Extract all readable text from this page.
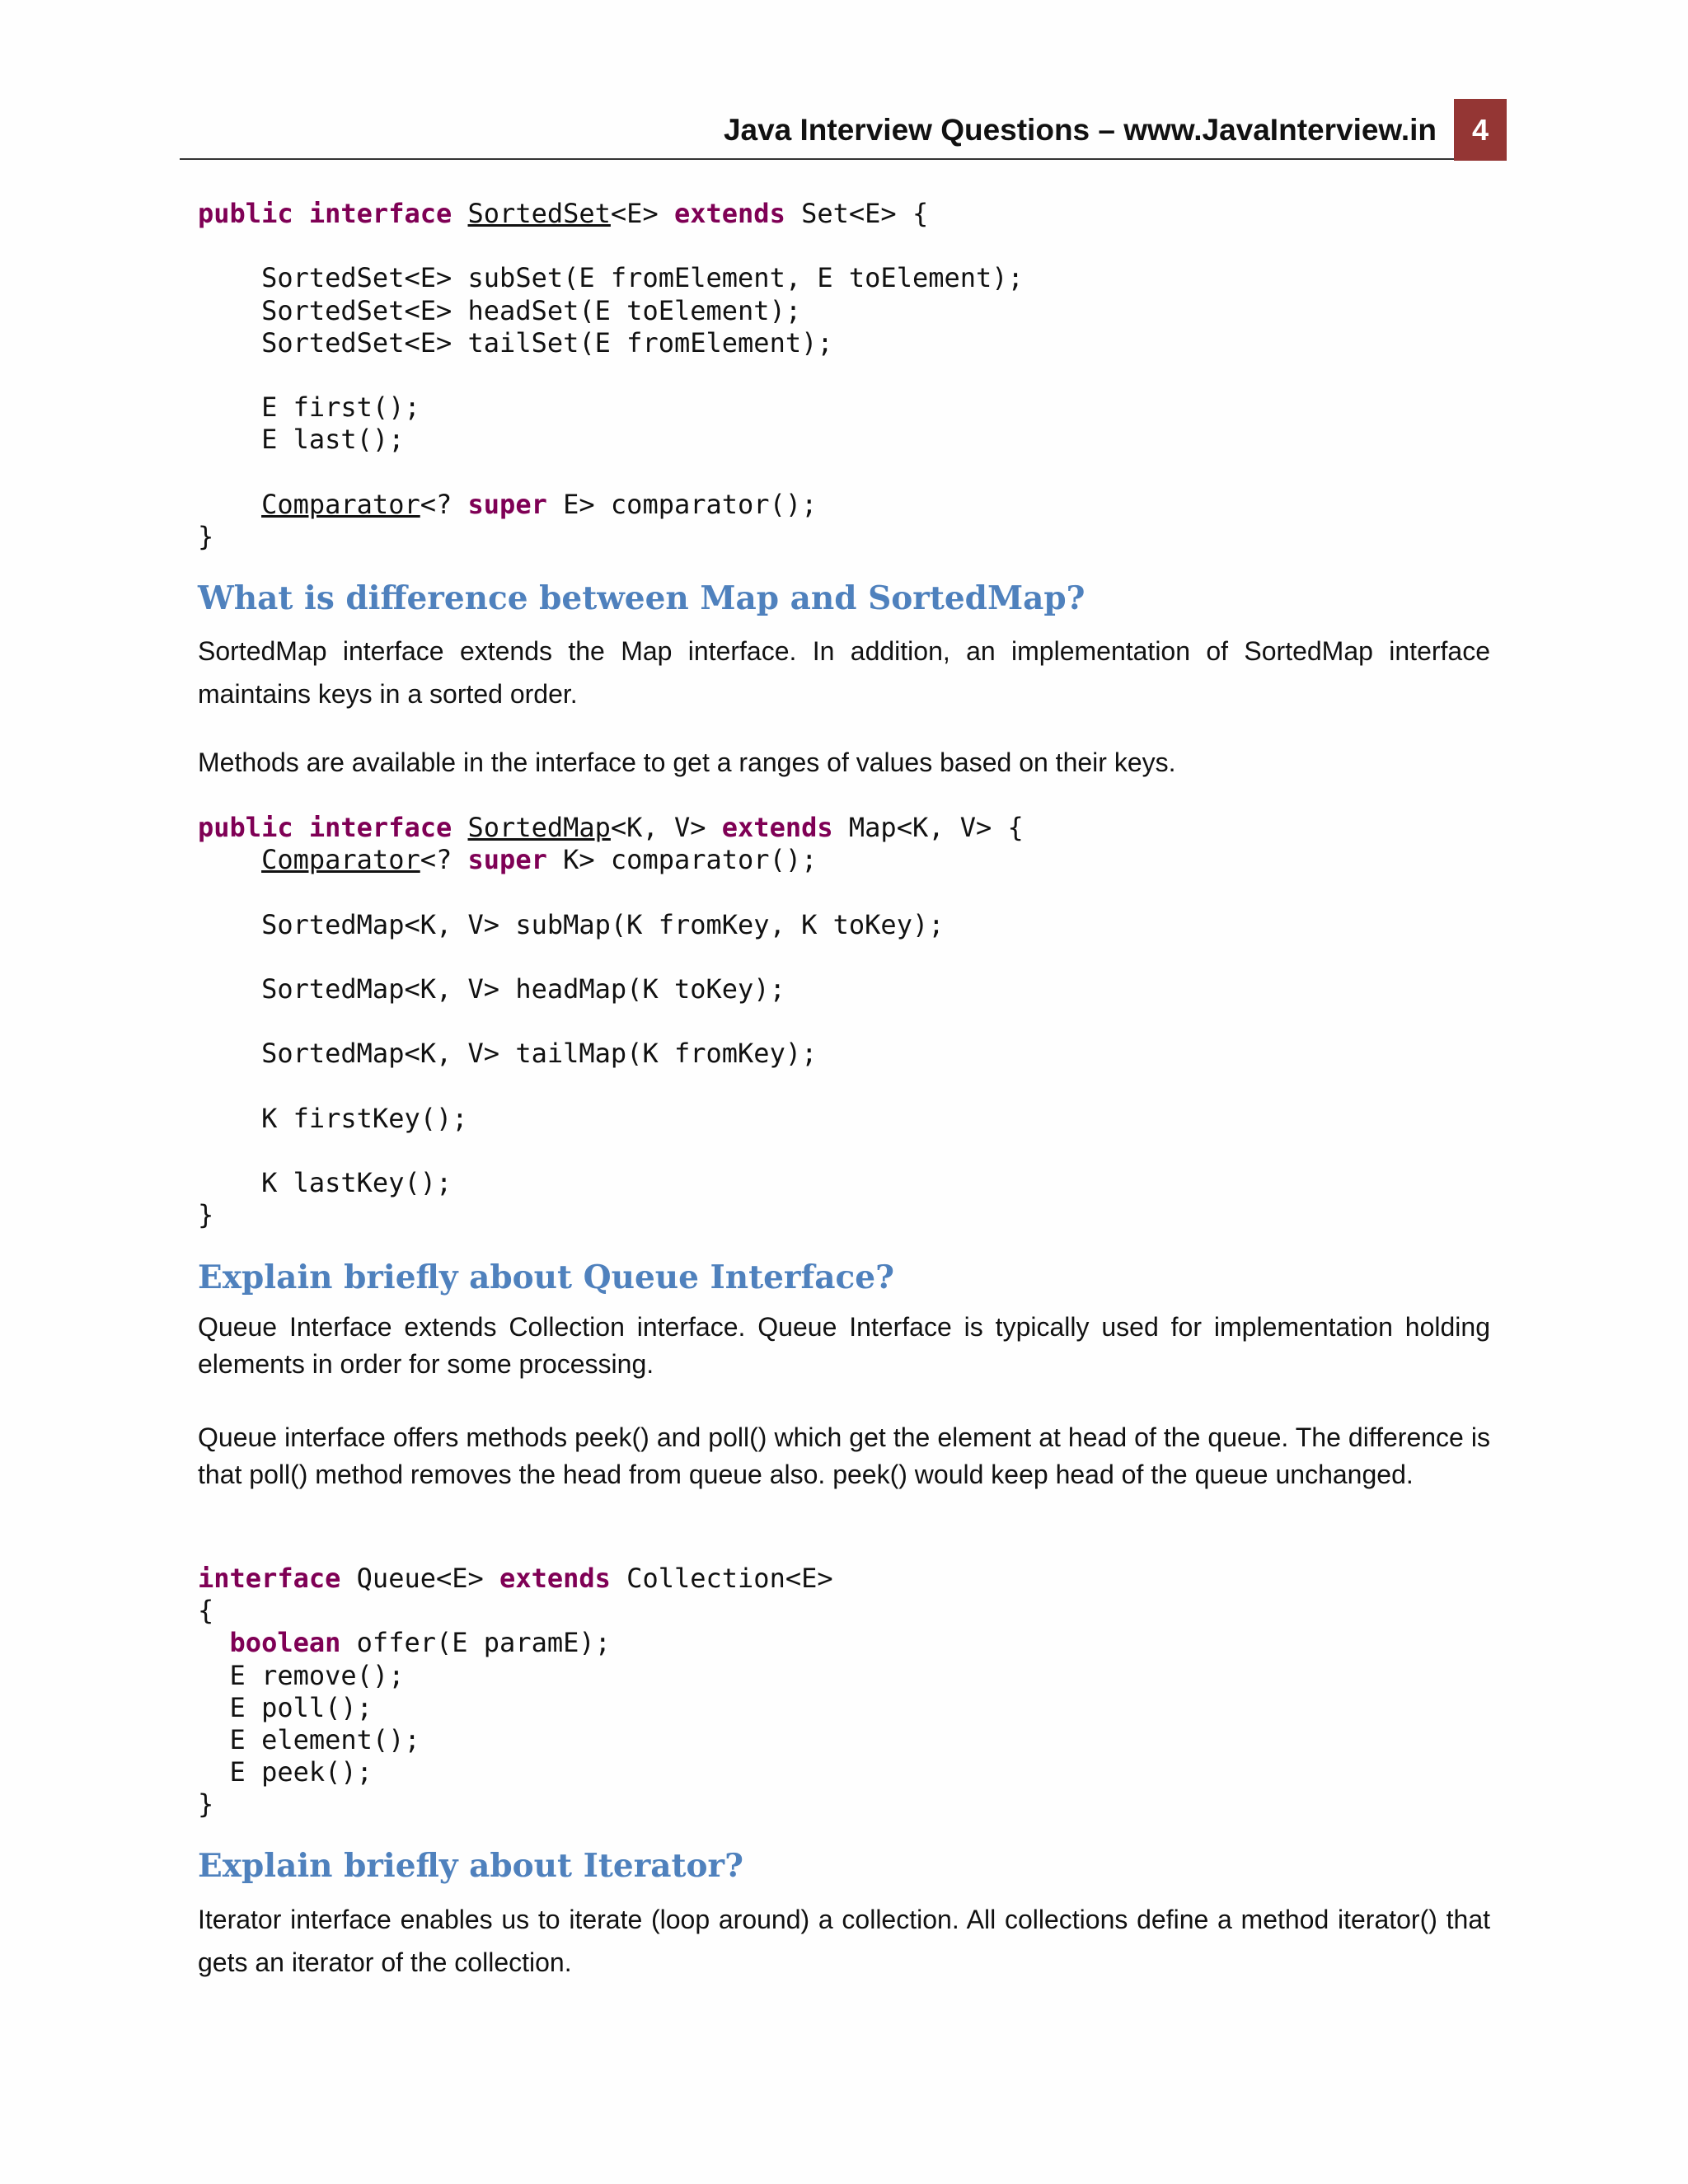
Java Interview Questions – www.JavaInterview.in	4
public interface SortedSet<E> extends Set<E> {

SortedSet<E> subSet(E fromElement, E toElement);
SortedSet<E> headSet(E toElement);
SortedSet<E> tailSet(E fromElement);

E first();
E last();

Comparator<? super E> comparator();
}
What is difference between Map and SortedMap?

SortedMap interface extends the Map interface. In addition, an implementation of SortedMap interface maintains keys in a sorted order.

Methods are available in the interface to get a ranges of values based on their keys.

public interface SortedMap<K, V> extends Map<K, V> {
Comparator<? super K> comparator();

SortedMap<K, V> subMap(K fromKey, K toKey);

SortedMap<K, V> headMap(K toKey);

SortedMap<K, V> tailMap(K fromKey);

K firstKey();

K lastKey();
}
Explain briefly about Queue Interface?

Queue Interface extends Collection interface. Queue Interface is typically used for implementation holding elements in order for some processing.

Queue interface offers methods peek() and poll() which get the element at head of the queue. The difference is that poll() method removes the head from queue also. peek() would keep head of the queue unchanged.

interface Queue<E> extends Collection<E>
{
boolean offer(E paramE);
E remove();
E poll();
E element();
E peek();
}
Explain briefly about Iterator?

Iterator interface enables us to iterate (loop around) a collection. All collections define a method iterator() that gets an iterator of the collection.
